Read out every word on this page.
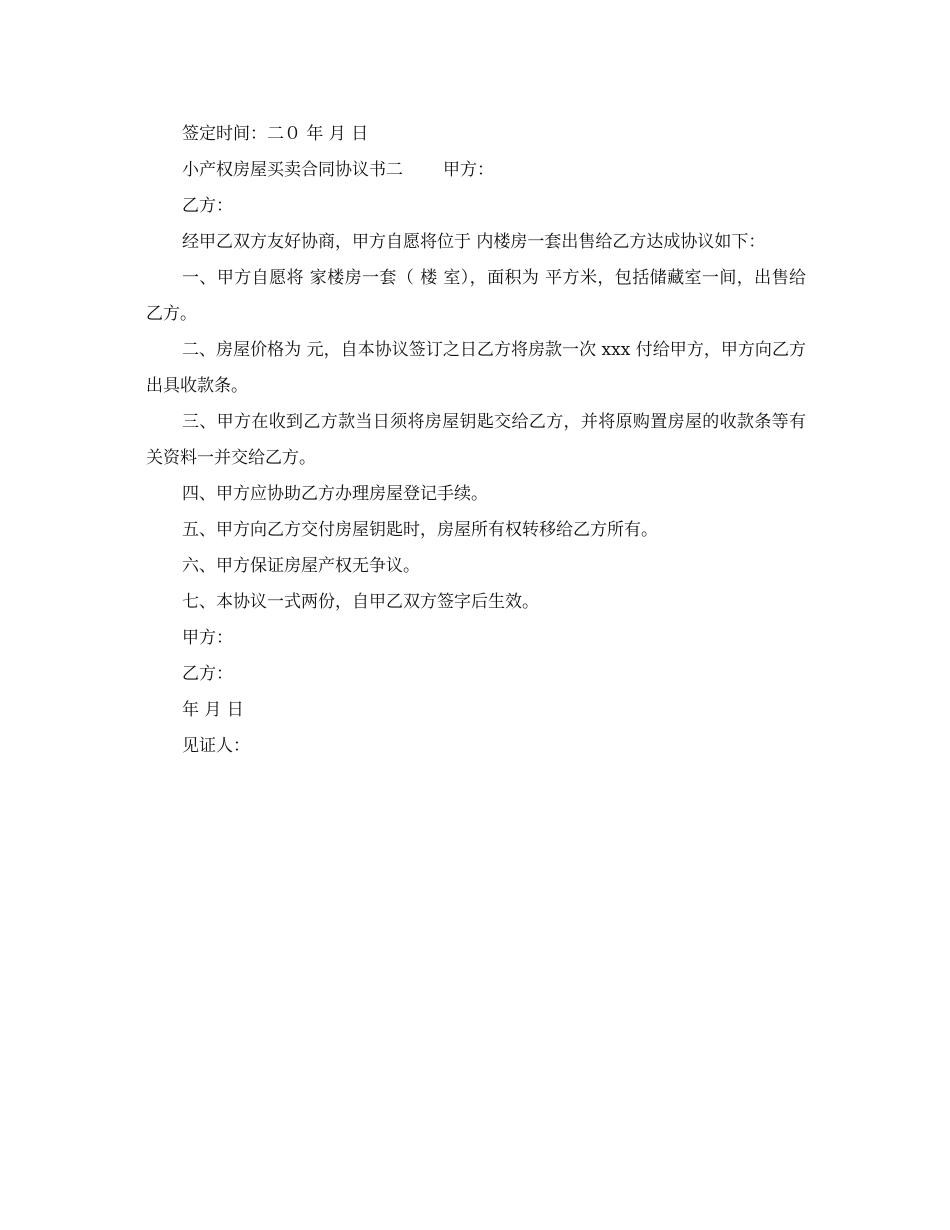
签定时间：二０ 年 月 日

小产权房屋买卖合同协议书二 甲方：

乙方：

经甲乙双方友好协商，甲方自愿将位于 内楼房一套出售给乙方达成协议如下：

一、甲方自愿将 家楼房一套（ 楼 室），面积为 平方米，包括储藏室一间，出售给乙方。

二、房屋价格为 元，自本协议签订之日乙方将房款一次 xxx 付给甲方，甲方向乙方出具收款条。

三、甲方在收到乙方款当日须将房屋钥匙交给乙方，并将原购置房屋的收款条等有关资料一并交给乙方。

四、甲方应协助乙方办理房屋登记手续。

五、甲方向乙方交付房屋钥匙时，房屋所有权转移给乙方所有。

六、甲方保证房屋产权无争议。

七、本协议一式两份，自甲乙双方签字后生效。

甲方：

乙方：

年 月 日

见证人：
